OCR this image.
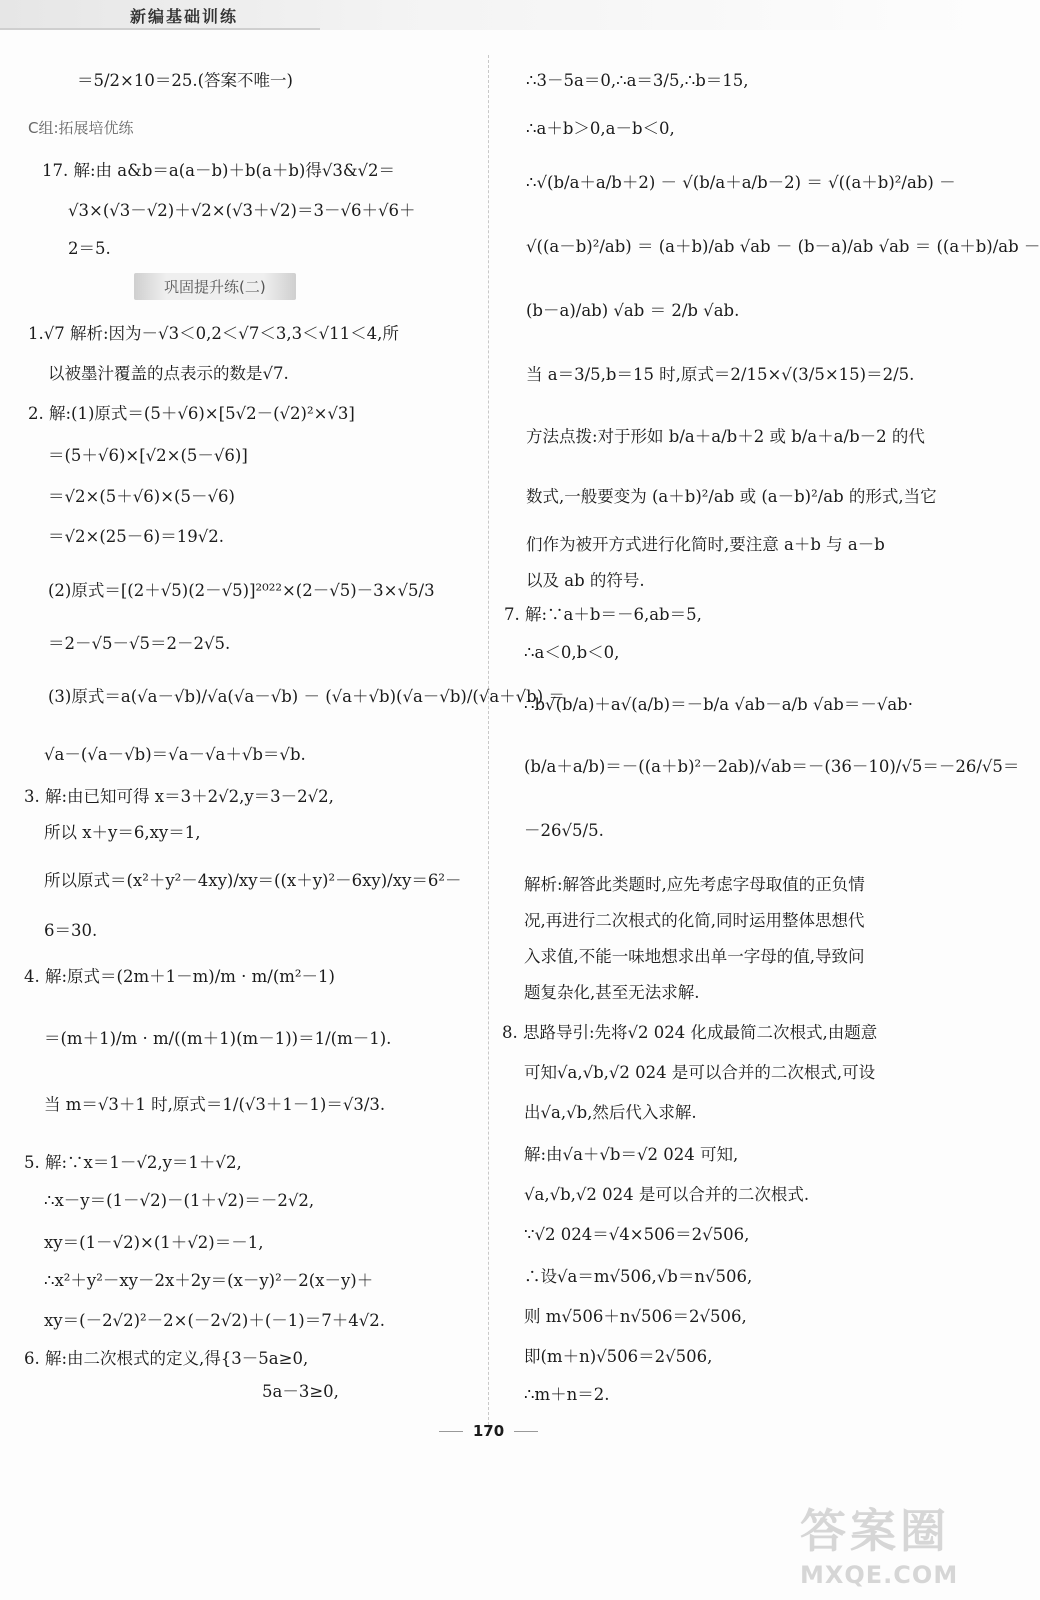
新编基础训练
＝5/2×10＝25.(答案不唯一)
C组:拓展培优练
17. 解:由 a&b＝a(a－b)＋b(a＋b)得√3&√2＝
√3×(√3－√2)＋√2×(√3＋√2)＝3－√6＋√6＋
2＝5.
巩固提升练(二)
1.√7 解析:因为－√3＜0,2＜√7＜3,3＜√11＜4,所
以被墨汁覆盖的点表示的数是√7.
2. 解:(1)原式＝(5＋√6)×[5√2－(√2)²×√3]
＝(5＋√6)×[√2×(5－√6)]
＝√2×(5＋√6)×(5－√6)
＝√2×(25－6)＝19√2.
(2)原式＝[(2＋√5)(2－√5)]²⁰²²×(2－√5)－3×√5/3
＝2－√5－√5＝2－2√5.
(3)原式＝a(√a－√b)/√a(√a－√b) － (√a＋√b)(√a－√b)/(√a＋√b) ＝
√a－(√a－√b)＝√a－√a＋√b＝√b.
3. 解:由已知可得 x＝3＋2√2,y＝3－2√2,
所以 x＋y＝6,xy＝1,
所以原式＝(x²＋y²－4xy)/xy＝((x＋y)²－6xy)/xy＝6²－
6＝30.
4. 解:原式＝(2m＋1－m)/m · m/(m²－1)
＝(m＋1)/m · m/((m＋1)(m－1))＝1/(m－1).
当 m＝√3＋1 时,原式＝1/(√3＋1－1)＝√3/3.
5. 解:∵x＝1－√2,y＝1＋√2,
∴x－y＝(1－√2)－(1＋√2)＝－2√2,
xy＝(1－√2)×(1＋√2)＝－1,
∴x²＋y²－xy－2x＋2y＝(x－y)²－2(x－y)＋
xy＝(－2√2)²－2×(－2√2)＋(－1)＝7＋4√2.
6. 解:由二次根式的定义,得{3－5a≥0,
5a－3≥0,
∴3－5a＝0,∴a＝3/5,∴b＝15,
∴a＋b＞0,a－b＜0,
∴√(b/a＋a/b＋2) － √(b/a＋a/b－2) ＝ √((a＋b)²/ab) －
√((a－b)²/ab) ＝ (a＋b)/ab √ab － (b－a)/ab √ab ＝ ((a＋b)/ab －
(b－a)/ab) √ab ＝ 2/b √ab.
当 a＝3/5,b＝15 时,原式＝2/15×√(3/5×15)＝2/5.
方法点拨:对于形如 b/a＋a/b＋2 或 b/a＋a/b－2 的代
数式,一般要变为 (a＋b)²/ab 或 (a－b)²/ab 的形式,当它
们作为被开方式进行化简时,要注意 a＋b 与 a－b
以及 ab 的符号.
7. 解:∵a＋b＝－6,ab＝5,
∴a＜0,b＜0,
∴b√(b/a)＋a√(a/b)＝－b/a √ab－a/b √ab＝－√ab·
(b/a＋a/b)＝－((a＋b)²－2ab)/√ab＝－(36－10)/√5＝－26/√5＝
－26√5/5.
解析:解答此类题时,应先考虑字母取值的正负情
况,再进行二次根式的化简,同时运用整体思想代
入求值,不能一味地想求出单一字母的值,导致问
题复杂化,甚至无法求解.
8. 思路导引:先将√2 024 化成最简二次根式,由题意
可知√a,√b,√2 024 是可以合并的二次根式,可设
出√a,√b,然后代入求解.
解:由√a＋√b＝√2 024 可知,
√a,√b,√2 024 是可以合并的二次根式.
∵√2 024＝√4×506＝2√506,
∴设√a＝m√506,√b＝n√506,
则 m√506＋n√506＝2√506,
即(m＋n)√506＝2√506,
∴m＋n＝2.
170
答案圈
MXQE.COM
